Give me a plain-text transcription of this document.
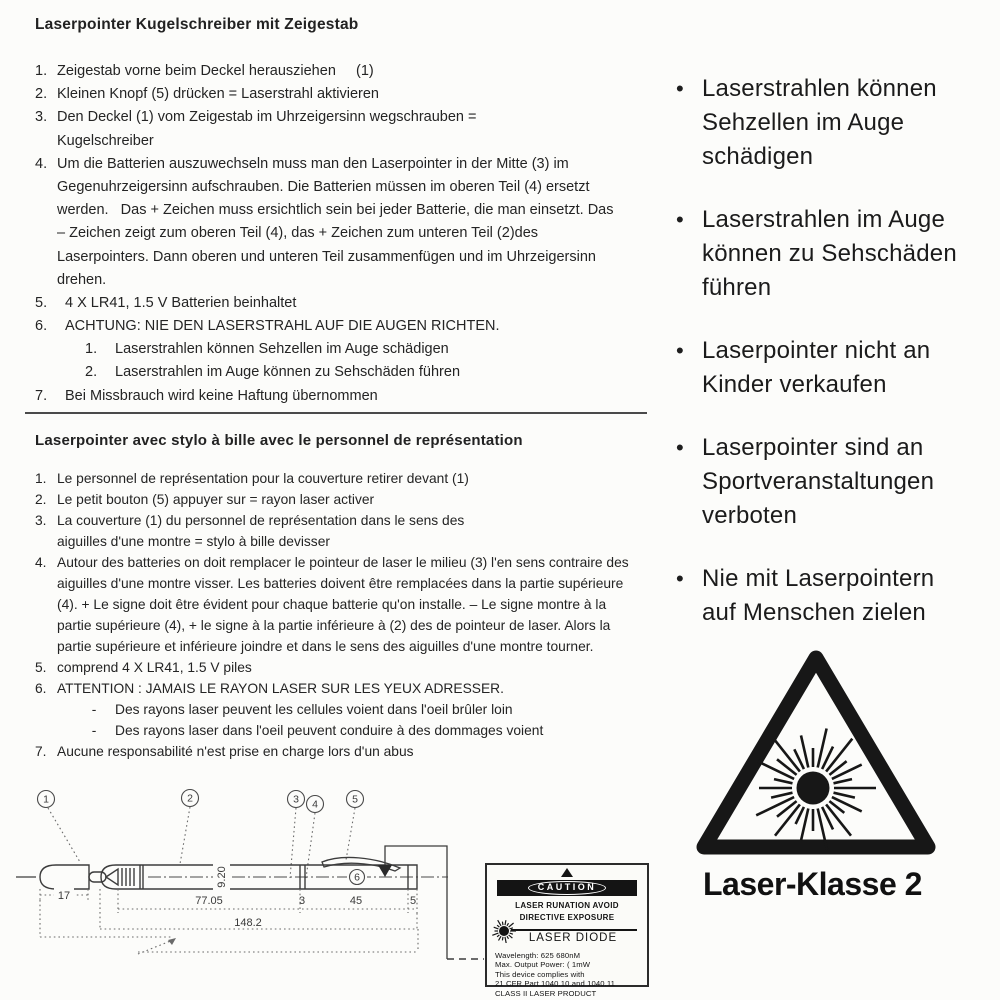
Laserpointer Kugelschreiber mit Zeigestab
1. Zeigestab vorne beim Deckel herausziehen     (1)
2. Kleinen Knopf (5) drücken = Laserstrahl aktivieren
3. Den Deckel (1) vom Zeigestab im Uhrzeigersinn wegschrauben = Kugelschreiber
4. Um die Batterien auszuwechseln muss man den Laserpointer in der Mitte (3) im Gegenuhrzeigersinn aufschrauben. Die Batterien müssen im oberen Teil (4) ersetzt werden.   Das + Zeichen muss ersichtlich sein bei jeder Batterie, die man einsetzt. Das – Zeichen zeigt zum oberen Teil (4), das + Zeichen zum unteren Teil (2)des Laserpointers. Dann oberen und unteren Teil zusammenfügen und im Uhrzeigersinn drehen.
5.	4 X LR41, 1.5 V Batterien beinhaltet
6.	ACHTUNG: NIE DEN LASERSTRAHL AUF DIE AUGEN RICHTEN.
1.	Laserstrahlen können Sehzellen im Auge schädigen
2.	Laserstrahlen im Auge können zu Sehschäden führen
7.	Bei Missbrauch wird keine Haftung übernommen
Laserpointer avec stylo à bille avec le personnel de représentation
1. Le personnel de représentation pour la couverture retirer devant (1)
2. Le petit bouton (5) appuyer sur = rayon laser activer
3. La couverture (1) du personnel de représentation dans le sens des aiguilles d'une montre = stylo à bille devisser
4. Autour des batteries on doit remplacer le pointeur de laser le milieu (3) l'en sens contraire des aiguilles d'une montre visser. Les batteries doivent être remplacées dans la partie supérieure (4). + Le signe doit être évident pour chaque batterie qu'on installe. – Le signe montre à la partie supérieure (4), + le signe à la partie inférieure à (2) des de pointeur de laser. Alors la partie supérieure et inférieure joindre et dans le sens des aiguilles d'une montre tourner.
5. comprend 4 X LR41, 1.5 V piles
6. ATTENTION : JAMAIS LE RAYON LASER SUR LES YEUX ADRESSER.
-	Des rayons laser peuvent les cellules voient dans l'oeil brûler loin
-	Des rayons laser dans l'oeil peuvent conduire à des dommages voient
7. Aucune responsabilité n'est prise en charge lors d'un abus
• Laserstrahlen können Sehzellen im Auge schädigen
• Laserstrahlen im Auge können zu Sehschäden führen
• Laserpointer nicht an Kinder verkaufen
• Laserpointer sind an Sportveranstaltungen verboten
• Nie mit Laserpointern auf Menschen zielen
Laser-Klasse 2
1	2	3 4	5
9.20	6
17	77.05	3	45	5
148.2
CAUTION
LASER RUNATION AVOID
DIRECTIVE EXPOSURE
LASER DIODE
Wavelength: 625 680nM
Max. Output Power: ( 1mW
This device complies with
21 CFR Part 1040.10 and 1040.11
CLASS II LASER PRODUCT
